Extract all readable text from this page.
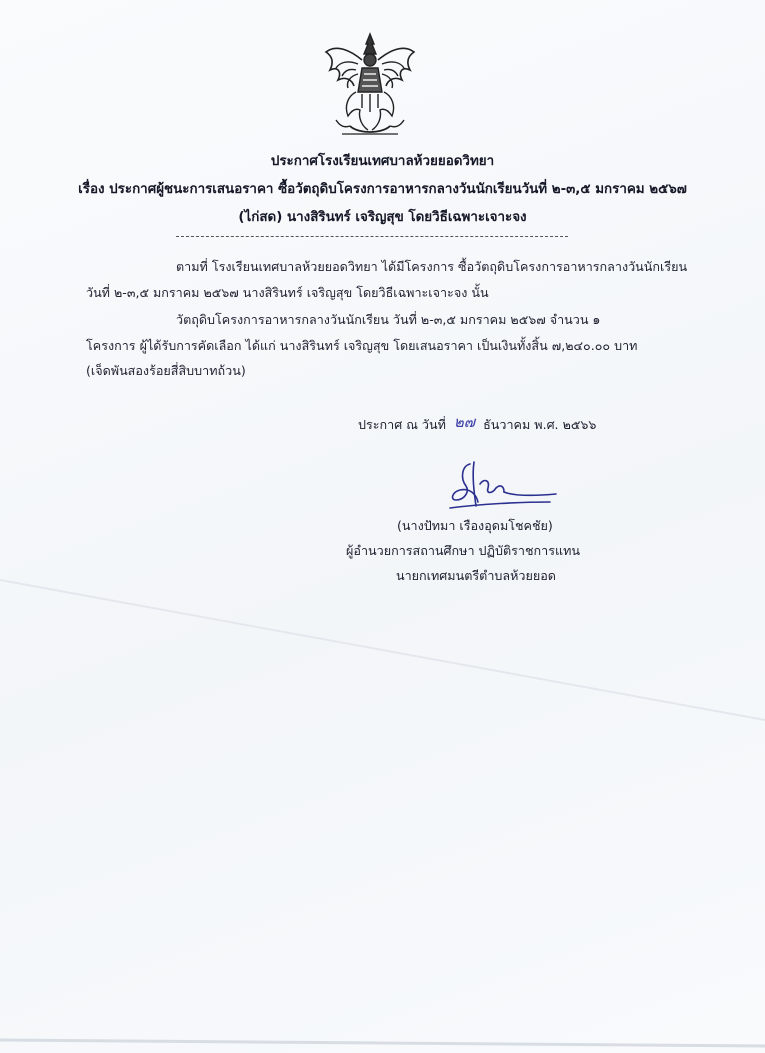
ประกาศโรงเรียนเทศบาลห้วยยอดวิทยา
เรื่อง ประกาศผู้ชนะการเสนอราคา ซื้อวัตถุดิบโครงการอาหารกลางวันนักเรียนวันที่ ๒-๓,๕ มกราคม ๒๕๖๗
(ไก่สด) นางสิรินทร์ เจริญสุข โดยวิธีเฉพาะเจาะจง
ตามที่ โรงเรียนเทศบาลห้วยยอดวิทยา ได้มีโครงการ ซื้อวัตถุดิบโครงการอาหารกลางวันนักเรียน
วันที่ ๒-๓,๕ มกราคม ๒๕๖๗ นางสิรินทร์ เจริญสุข โดยวิธีเฉพาะเจาะจง นั้น
วัตถุดิบโครงการอาหารกลางวันนักเรียน วันที่ ๒-๓,๕ มกราคม ๒๕๖๗ จำนวน ๑
โครงการ ผู้ได้รับการคัดเลือก ได้แก่ นางสิรินทร์ เจริญสุข โดยเสนอราคา เป็นเงินทั้งสิ้น ๗,๒๔๐.๐๐ บาท
(เจ็ดพันสองร้อยสี่สิบบาทถ้วน)
ประกาศ ณ วันที่ ๒๗ ธันวาคม พ.ศ. ๒๕๖๖
(นางปัทมา เรืองอุดมโชคชัย)
ผู้อำนวยการสถานศึกษา ปฏิบัติราชการแทน
นายกเทศมนตรีตำบลห้วยยอด
